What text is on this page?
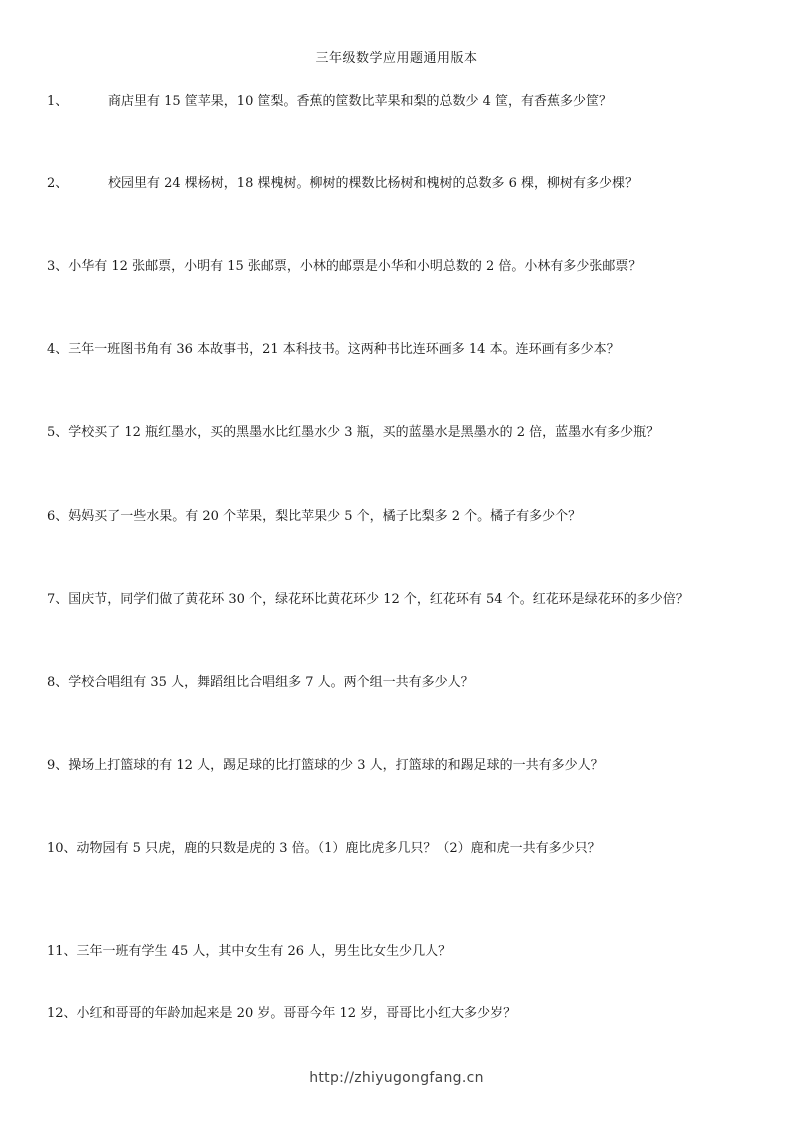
三年级数学应用题通用版本
1、	商店里有 15 筐苹果，10 筐梨。香蕉的筐数比苹果和梨的总数少 4 筐，有香蕉多少筐？
2、	校园里有 24 棵杨树，18 棵槐树。柳树的棵数比杨树和槐树的总数多 6 棵，柳树有多少棵？
3、小华有 12 张邮票，小明有 15 张邮票，小林的邮票是小华和小明总数的 2 倍。小林有多少张邮票？
4、三年一班图书角有 36 本故事书，21 本科技书。这两种书比连环画多 14 本。连环画有多少本？
5、学校买了 12 瓶红墨水，买的黑墨水比红墨水少 3 瓶，买的蓝墨水是黑墨水的 2 倍，蓝墨水有多少瓶？
6、妈妈买了一些水果。有 20 个苹果，梨比苹果少 5 个，橘子比梨多 2 个。橘子有多少个？
7、国庆节，同学们做了黄花环 30 个，绿花环比黄花环少 12 个，红花环有 54 个。红花环是绿花环的多少倍？
8、学校合唱组有 35 人，舞蹈组比合唱组多 7 人。两个组一共有多少人？
9、操场上打篮球的有 12 人，踢足球的比打篮球的少 3 人，打篮球的和踢足球的一共有多少人？
10、动物园有 5 只虎，鹿的只数是虎的 3 倍。（1）鹿比虎多几只？（2）鹿和虎一共有多少只？
11、三年一班有学生 45 人，其中女生有 26 人，男生比女生少几人？
12、小红和哥哥的年龄加起来是 20 岁。哥哥今年 12 岁，哥哥比小红大多少岁？
http://zhiyugongfang.cn
